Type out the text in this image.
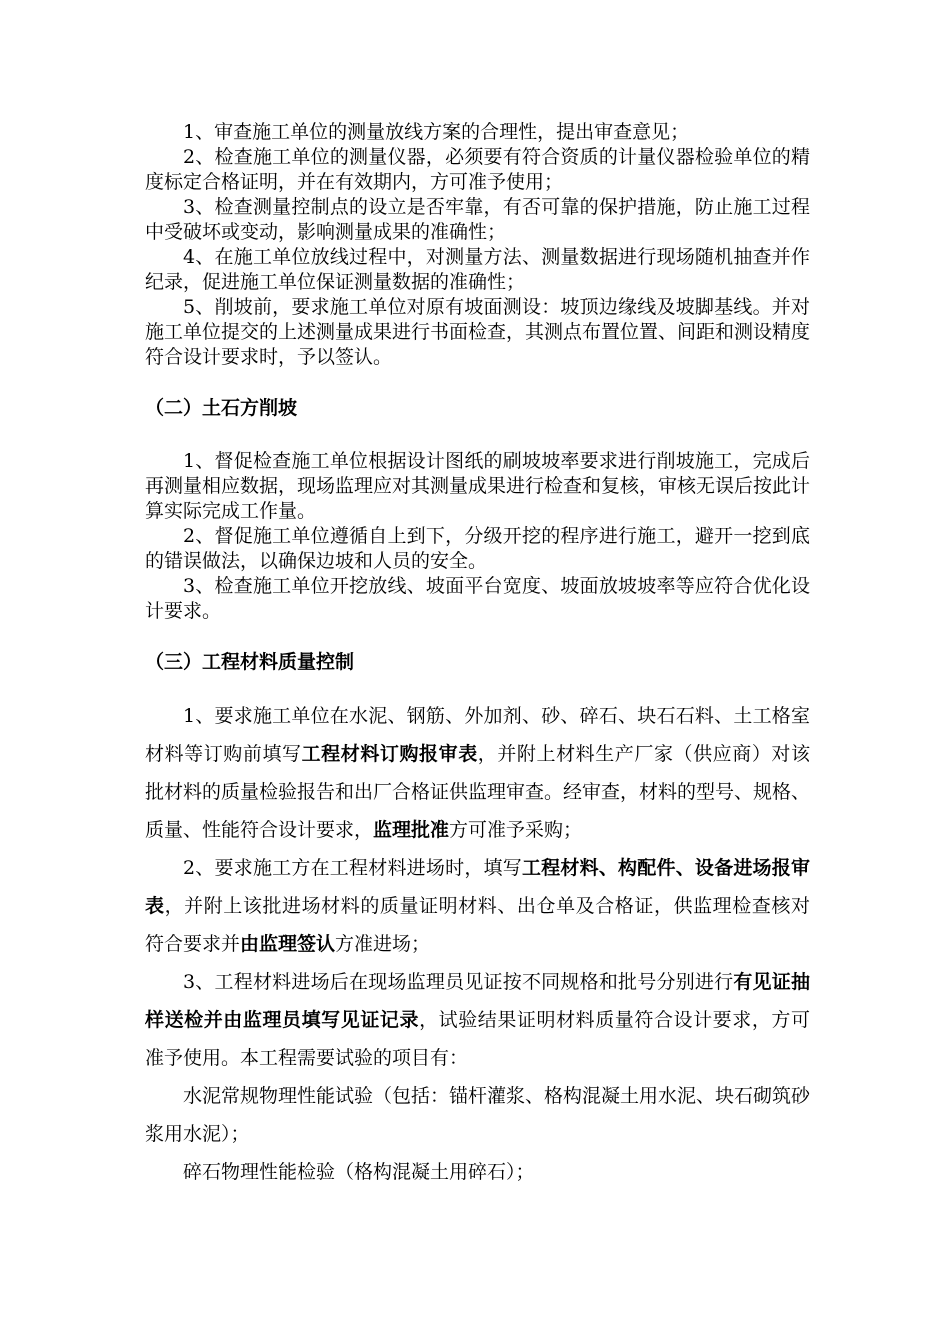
1、审查施工单位的测量放线方案的合理性，提出审查意见；

2、检查施工单位的测量仪器，必须要有符合资质的计量仪器检验单位的精度标定合格证明，并在有效期内，方可准予使用；

3、检查测量控制点的设立是否牢靠，有否可靠的保护措施，防止施工过程中受破坏或变动，影响测量成果的准确性；

4、在施工单位放线过程中，对测量方法、测量数据进行现场随机抽查并作纪录，促进施工单位保证测量数据的准确性；

5、削坡前，要求施工单位对原有坡面测设：坡顶边缘线及坡脚基线。并对施工单位提交的上述测量成果进行书面检查，其测点布置位置、间距和测设精度符合设计要求时，予以签认。

（二）土石方削坡

1、督促检查施工单位根据设计图纸的刷坡坡率要求进行削坡施工，完成后再测量相应数据，现场监理应对其测量成果进行检查和复核，审核无误后按此计算实际完成工作量。

2、督促施工单位遵循自上到下，分级开挖的程序进行施工，避开一挖到底的错误做法，以确保边坡和人员的安全。

3、检查施工单位开挖放线、坡面平台宽度、坡面放坡坡率等应符合优化设计要求。

（三）工程材料质量控制

1、要求施工单位在水泥、钢筋、外加剂、砂、碎石、块石石料、土工格室材料等订购前填写工程材料订购报审表，并附上材料生产厂家（供应商）对该批材料的质量检验报告和出厂合格证供监理审查。经审查，材料的型号、规格、质量、性能符合设计要求，监理批准方可准予采购；

2、要求施工方在工程材料进场时，填写工程材料、构配件、设备进场报审表，并附上该批进场材料的质量证明材料、出仓单及合格证，供监理检查核对符合要求并由监理签认方准进场；

3、工程材料进场后在现场监理员见证按不同规格和批号分别进行有见证抽样送检并由监理员填写见证记录，试验结果证明材料质量符合设计要求，方可准予使用。本工程需要试验的项目有：

水泥常规物理性能试验（包括：锚杆灌浆、格构混凝土用水泥、块石砌筑砂浆用水泥）；

碎石物理性能检验（格构混凝土用碎石）；
